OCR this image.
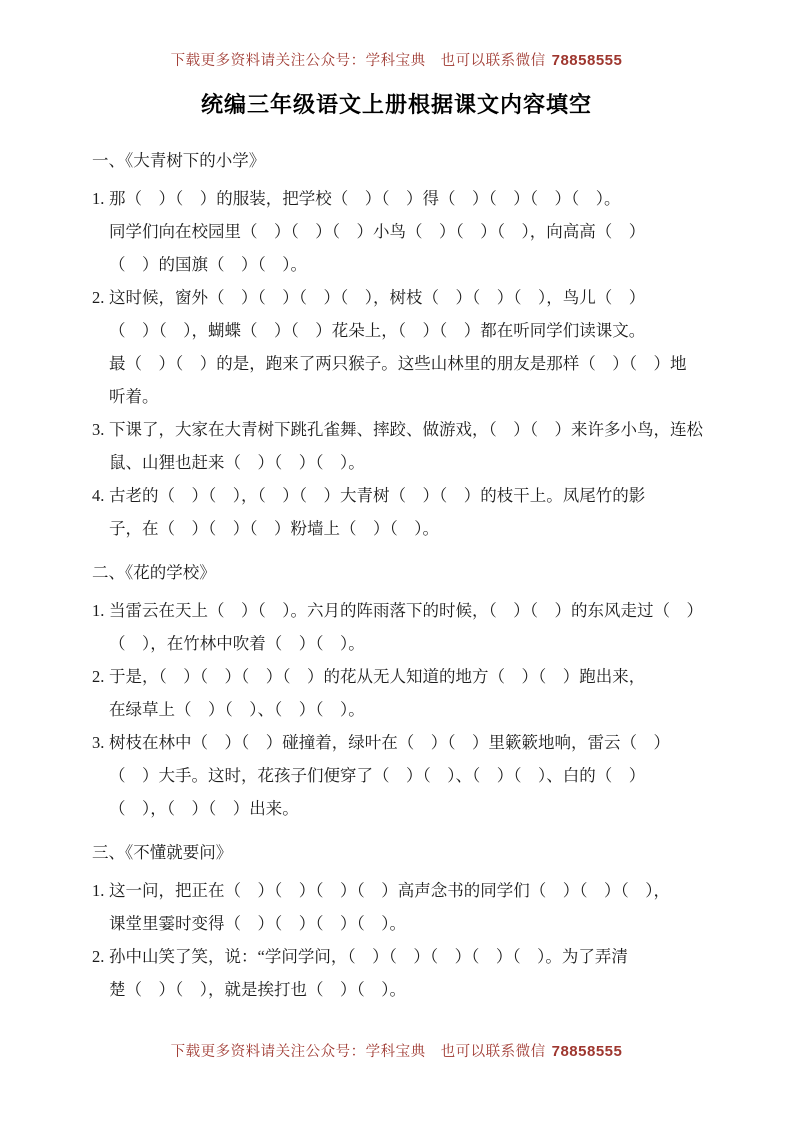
下载更多资料请关注公众号：学科宝典　也可以联系微信 78858555
统编三年级语文上册根据课文内容填空
一、《大青树下的小学》
1. 那（　）（　）的服装，把学校（　）（　）得（　）（　）（　）（　）。
同学们向在校园里（　）（　）（　）小鸟（　）（　）（　），向高高（　）
（　）的国旗（　）（　）。
2. 这时候，窗外（　）（　）（　）（　），树枝（　）（　）（　），鸟儿（　）
（　）（　），蝴蝶（　）（　）花朵上，（　）（　）都在听同学们读课文。
最（　）（　）的是，跑来了两只猴子。这些山林里的朋友是那样（　）（　）地
听着。
3. 下课了，大家在大青树下跳孔雀舞、摔跤、做游戏，（　）（　）来许多小鸟，连松
鼠、山狸也赶来（　）（　）（　）。
4. 古老的（　）（　），（　）（　）大青树（　）（　）的枝干上。凤尾竹的影
子，在（　）（　）（　）粉墙上（　）（　）。
二、《花的学校》
1. 当雷云在天上（　）（　）。六月的阵雨落下的时候，（　）（　）的东风走过（　）
（　），在竹林中吹着（　）（　）。
2. 于是，（　）（　）（　）（　）的花从无人知道的地方（　）（　）跑出来，
在绿草上（　）（　）、（　）（　）。
3. 树枝在林中（　）（　）碰撞着，绿叶在（　）（　）里簌簌地响，雷云（　）
（　）大手。这时，花孩子们便穿了（　）（　）、（　）（　）、白的（　）
（　），（　）（　）出来。
三、《不懂就要问》
1. 这一问，把正在（　）（　）（　）（　）高声念书的同学们（　）（　）（　），
课堂里霎时变得（　）（　）（　）（　）。
2. 孙中山笑了笑，说：“学问学问，（　）（　）（　）（　）（　）。为了弄清
楚（　）（　），就是挨打也（　）（　）。
下载更多资料请关注公众号：学科宝典　也可以联系微信 78858555
